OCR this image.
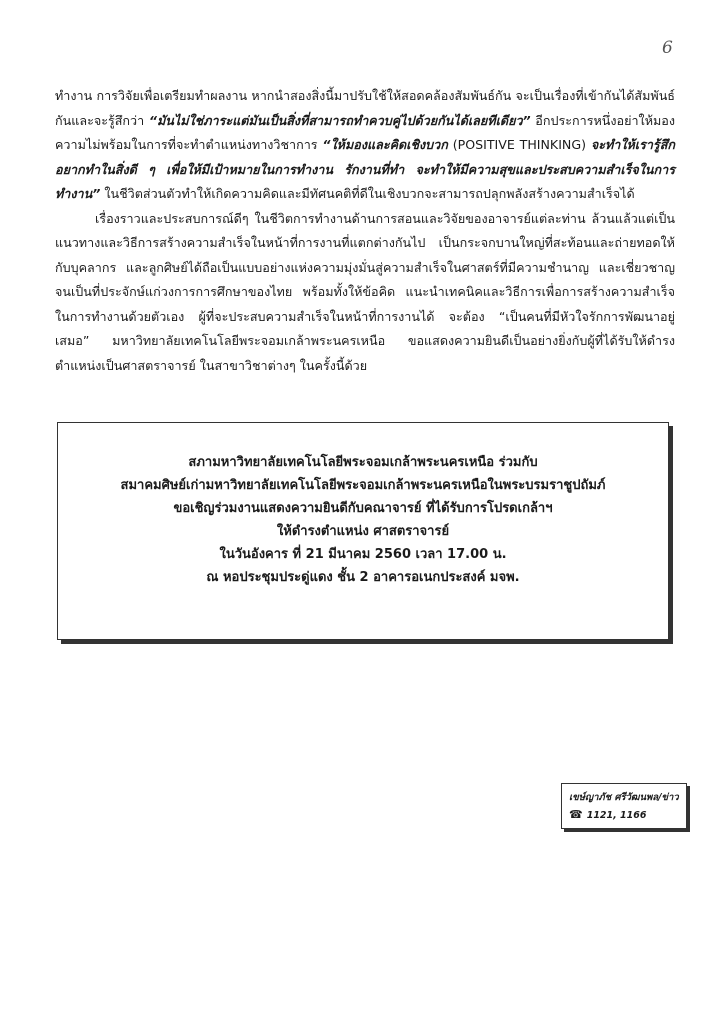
6

ทำงาน การวิจัยเพื่อเตรียมทำผลงาน หากนำสองสิ่งนี้มาปรับใช้ให้สอดคล้องสัมพันธ์กัน จะเป็นเรื่องที่เข้ากันได้สัมพันธ์กันและจะรู้สึกว่า “มันไม่ใช่ภาระแต่มันเป็นสิ่งที่สามารถทำควบคู่ไปด้วยกันได้เลยทีเดียว” อีกประการหนึ่งอย่าให้มองความไม่พร้อมในการที่จะทำตำแหน่งทางวิชาการ “ให้มองและคิดเชิงบวก (POSITIVE THINKING) จะทำให้เรารู้สึกอยากทำในสิ่งดี ๆ เพื่อให้มีเป้าหมายในการทำงาน รักงานที่ทำ จะทำให้มีความสุขและประสบความสำเร็จในการทำงาน” ในชีวิตส่วนตัวทำให้เกิดความคิดและมีทัศนคติที่ดีในเชิงบวกจะสามารถปลุกพลังสร้างความสำเร็จได้

เรื่องราวและประสบการณ์ดีๆ ในชีวิตการทำงานด้านการสอนและวิจัยของอาจารย์แต่ละท่าน ล้วนแล้วแต่เป็นแนวทางและวิธีการสร้างความสำเร็จในหน้าที่การงานที่แตกต่างกันไป เป็นกระจกบานใหญ่ที่สะท้อนและถ่ายทอดให้กับบุคลากร และลูกศิษย์ได้ถือเป็นแบบอย่างแห่งความมุ่งมั่นสู่ความสำเร็จในศาสตร์ที่มีความชำนาญ และเชี่ยวชาญจนเป็นที่ประจักษ์แก่วงการการศึกษาของไทย พร้อมทั้งให้ข้อคิด แนะนำเทคนิคและวิธีการเพื่อการสร้างความสำเร็จในการทำงานด้วยตัวเอง ผู้ที่จะประสบความสำเร็จในหน้าที่การงานได้ จะต้อง “เป็นคนที่มีหัวใจรักการพัฒนาอยู่เสมอ” มหาวิทยาลัยเทคโนโลยีพระจอมเกล้าพระนครเหนือ ขอแสดงความยินดีเป็นอย่างยิ่งกับผู้ที่ได้รับให้ดำรงตำแหน่งเป็นศาสตราจารย์ ในสาขาวิชาต่างๆ ในครั้งนี้ด้วย

สภามหาวิทยาลัยเทคโนโลยีพระจอมเกล้าพระนครเหนือ ร่วมกับ
สมาคมศิษย์เก่ามหาวิทยาลัยเทคโนโลยีพระจอมเกล้าพระนครเหนือในพระบรมราชูปถัมภ์
ขอเชิญร่วมงานแสดงความยินดีกับคณาจารย์ ที่ได้รับการโปรดเกล้าฯ
ให้ดำรงตำแหน่ง ศาสตราจารย์
ในวันอังคาร ที่ 21 มีนาคม 2560 เวลา 17.00 น.
ณ หอประชุมประดู่แดง ชั้น 2 อาคารอเนกประสงค์ มจพ.
เขษ์ญาภัช ศรีวัฒนพล/ข่าว
☎ 1121, 1166
